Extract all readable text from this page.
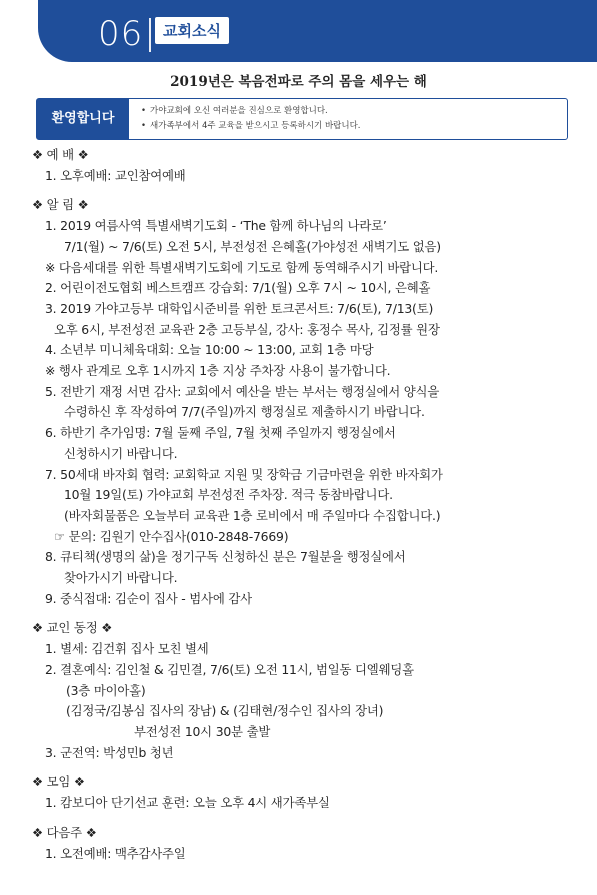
06	교회소식
2019년은 복음전파로 주의 몸을 세우는 해
환영합니다
•	가야교회에 오신 여러분을 진심으로 환영합니다.
• 새가족부에서 4주 교육을 받으시고 등록하시기 바랍니다.
❖ 예 배 ❖
1. 오후예배: 교인참여예배
❖ 알 림 ❖
1. 2019 여름사역 특별새벽기도회 - ‘The 함께 하나님의 나라로’
7/1(월) ~ 7/6(토) 오전 5시, 부전성전 은혜홀(가야성전 새벽기도 없음)
※ 다음세대를 위한 특별새벽기도회에 기도로 함께 동역해주시기 바랍니다.
2. 어린이전도협회 베스트캠프 강습회: 7/1(월) 오후 7시 ~ 10시, 은혜홀
3. 2019 가야고등부 대학입시준비를 위한 토크콘서트: 7/6(토), 7/13(토)
오후 6시, 부전성전 교육관 2층 고등부실, 강사: 홍정수 목사, 김정률 원장
4. 소년부 미니체육대회: 오늘 10:00 ~ 13:00, 교회 1층 마당
※ 행사 관계로 오후 1시까지 1층 지상 주차장 사용이 불가합니다.
5. 전반기 재정 서면 감사: 교회에서 예산을 받는 부서는 행정실에서 양식을
수령하신 후 작성하여 7/7(주일)까지 행정실로 제출하시기 바랍니다.
6. 하반기 추가임명: 7월 둘째 주일, 7월 첫째 주일까지 행정실에서
신청하시기 바랍니다.
7. 50세대 바자회 협력: 교회학교 지원 및 장학금 기금마련을 위한 바자회가
10월 19일(토) 가야교회 부전성전 주차장. 적극 동참바랍니다.
(바자회물품은 오늘부터 교육관 1층 로비에서 매 주일마다 수집합니다.)
☞ 문의: 김원기 안수집사(010-2848-7669)
8. 큐티책(생명의 삶)을 정기구독 신청하신 분은 7월분을 행정실에서
찾아가시기 바랍니다.
9. 중식접대: 김순이 집사 - 범사에 감사
❖ 교인 동정 ❖
1. 별세: 김건휘 집사 모친 별세
2. 결혼예식: 김인철 & 김민결, 7/6(토) 오전 11시, 범일동 디엘웨딩홀
(3층 마이아홀)
(김정국/김봉심 집사의 장남) & (김태현/정수인 집사의 장녀)
부전성전 10시 30분 출발
3. 군전역: 박성민b 청년
❖ 모임 ❖
1. 캄보디아 단기선교 훈련: 오늘 오후 4시 새가족부실
❖ 다음주 ❖
1. 오전예배: 맥추감사주일
